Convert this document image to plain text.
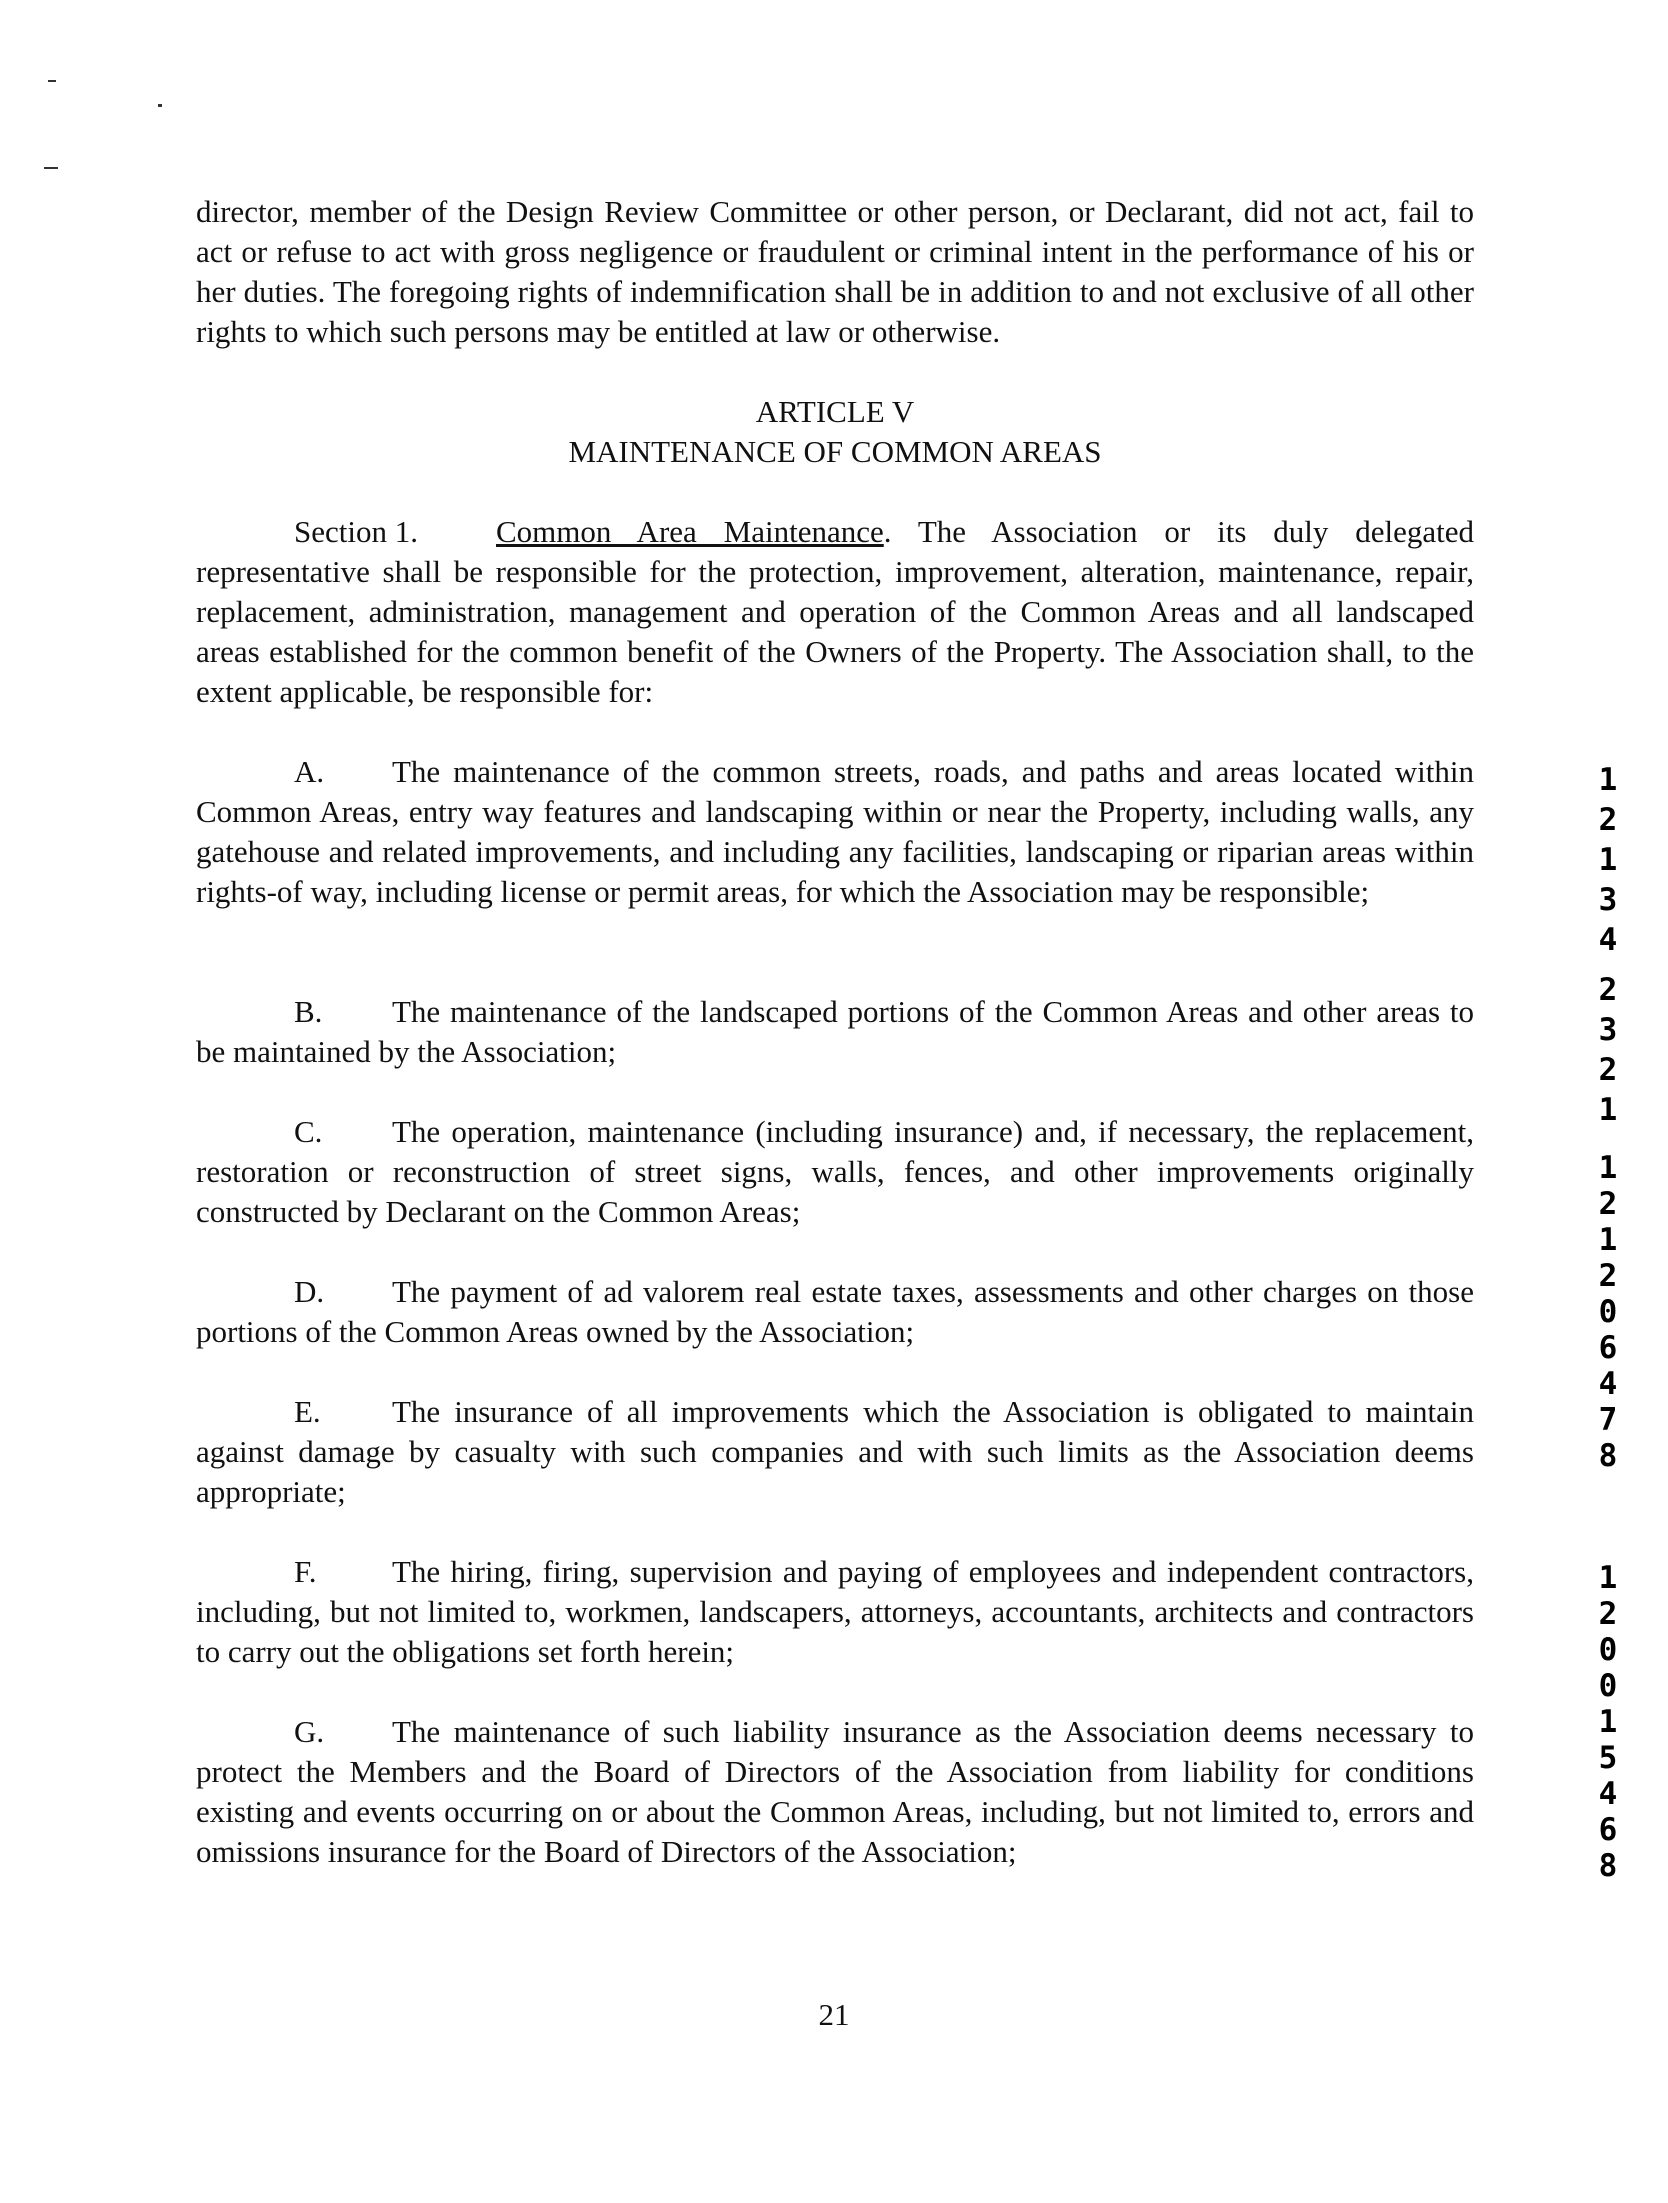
director, member of the Design Review Committee or other person, or Declarant, did not act, fail to act or refuse to act with gross negligence or fraudulent or criminal intent in the performance of his or her duties. The foregoing rights of indemnification shall be in addition to and not exclusive of all other rights to which such persons may be entitled at law or otherwise.

ARTICLE V
MAINTENANCE OF COMMON AREAS

Section 1.	Common Area Maintenance. The Association or its duly delegated representative shall be responsible for the protection, improvement, alteration, maintenance, repair, replacement, administration, management and operation of the Common Areas and all landscaped areas established for the common benefit of the Owners of the Property. The Association shall, to the extent applicable, be responsible for:

A. The maintenance of the common streets, roads, and paths and areas located within Common Areas, entry way features and landscaping within or near the Property, including walls, any gatehouse and related improvements, and including any facilities, landscaping or riparian areas within rights-of way, including license or permit areas, for which the Association may be responsible;

B. The maintenance of the landscaped portions of the Common Areas and other areas to be maintained by the Association;

C. The operation, maintenance (including insurance) and, if necessary, the replacement, restoration or reconstruction of street signs, walls, fences, and other improvements originally constructed by Declarant on the Common Areas;

D. The payment of ad valorem real estate taxes, assessments and other charges on those portions of the Common Areas owned by the Association;

E. The insurance of all improvements which the Association is obligated to maintain against damage by casualty with such companies and with such limits as the Association deems appropriate;

F. The hiring, firing, supervision and paying of employees and independent contractors, including, but not limited to, workmen, landscapers, attorneys, accountants, architects and contractors to carry out the obligations set forth herein;

G. The maintenance of such liability insurance as the Association deems necessary to protect the Members and the Board of Directors of the Association from liability for conditions existing and events occurring on or about the Common Areas, including, but not limited to, errors and omissions insurance for the Board of Directors of the Association;

21
1
2
1
3
4
2
3
2
1
1
2
1
2
0
6
4
7
8
1
2
0
0
1
5
4
6
8
